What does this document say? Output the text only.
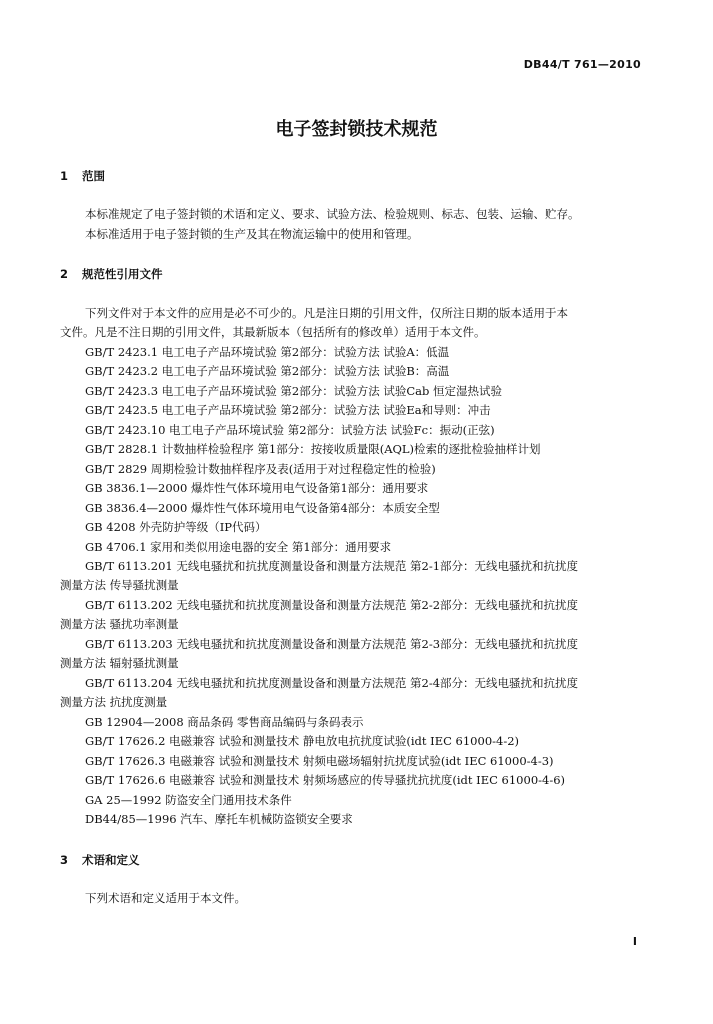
DB44/T 761—2010
电子签封锁技术规范
1 范围
本标准规定了电子签封锁的术语和定义、要求、试验方法、检验规则、标志、包装、运输、贮存。
本标准适用于电子签封锁的生产及其在物流运输中的使用和管理。
2 规范性引用文件
下列文件对于本文件的应用是必不可少的。凡是注日期的引用文件，仅所注日期的版本适用于本
文件。凡是不注日期的引用文件，其最新版本（包括所有的修改单）适用于本文件。
GB/T 2423.1 电工电子产品环境试验 第2部分：试验方法 试验A：低温
GB/T 2423.2 电工电子产品环境试验 第2部分：试验方法 试验B：高温
GB/T 2423.3 电工电子产品环境试验 第2部分：试验方法 试验Cab 恒定湿热试验
GB/T 2423.5 电工电子产品环境试验 第2部分：试验方法 试验Ea和导则：冲击
GB/T 2423.10 电工电子产品环境试验 第2部分：试验方法 试验Fc：振动(正弦)
GB/T 2828.1 计数抽样检验程序 第1部分：按接收质量限(AQL)检索的逐批检验抽样计划
GB/T 2829 周期检验计数抽样程序及表(适用于对过程稳定性的检验)
GB 3836.1—2000 爆炸性气体环境用电气设备第1部分：通用要求
GB 3836.4—2000 爆炸性气体环境用电气设备第4部分：本质安全型
GB 4208 外壳防护等级（IP代码）
GB 4706.1 家用和类似用途电器的安全 第1部分：通用要求
GB/T 6113.201 无线电骚扰和抗扰度测量设备和测量方法规范 第2-1部分：无线电骚扰和抗扰度
测量方法 传导骚扰测量
GB/T 6113.202 无线电骚扰和抗扰度测量设备和测量方法规范 第2-2部分：无线电骚扰和抗扰度
测量方法 骚扰功率测量
GB/T 6113.203 无线电骚扰和抗扰度测量设备和测量方法规范 第2-3部分：无线电骚扰和抗扰度
测量方法 辐射骚扰测量
GB/T 6113.204 无线电骚扰和抗扰度测量设备和测量方法规范 第2-4部分：无线电骚扰和抗扰度
测量方法 抗扰度测量
GB 12904—2008 商品条码 零售商品编码与条码表示
GB/T 17626.2 电磁兼容 试验和测量技术 静电放电抗扰度试验(idt IEC 61000-4-2)
GB/T 17626.3 电磁兼容 试验和测量技术 射频电磁场辐射抗扰度试验(idt IEC 61000-4-3)
GB/T 17626.6 电磁兼容 试验和测量技术 射频场感应的传导骚扰抗扰度(idt IEC 61000-4-6)
GA 25—1992 防盗安全门通用技术条件
DB44/85—1996 汽车、摩托车机械防盗锁安全要求
3 术语和定义
下列术语和定义适用于本文件。
I
